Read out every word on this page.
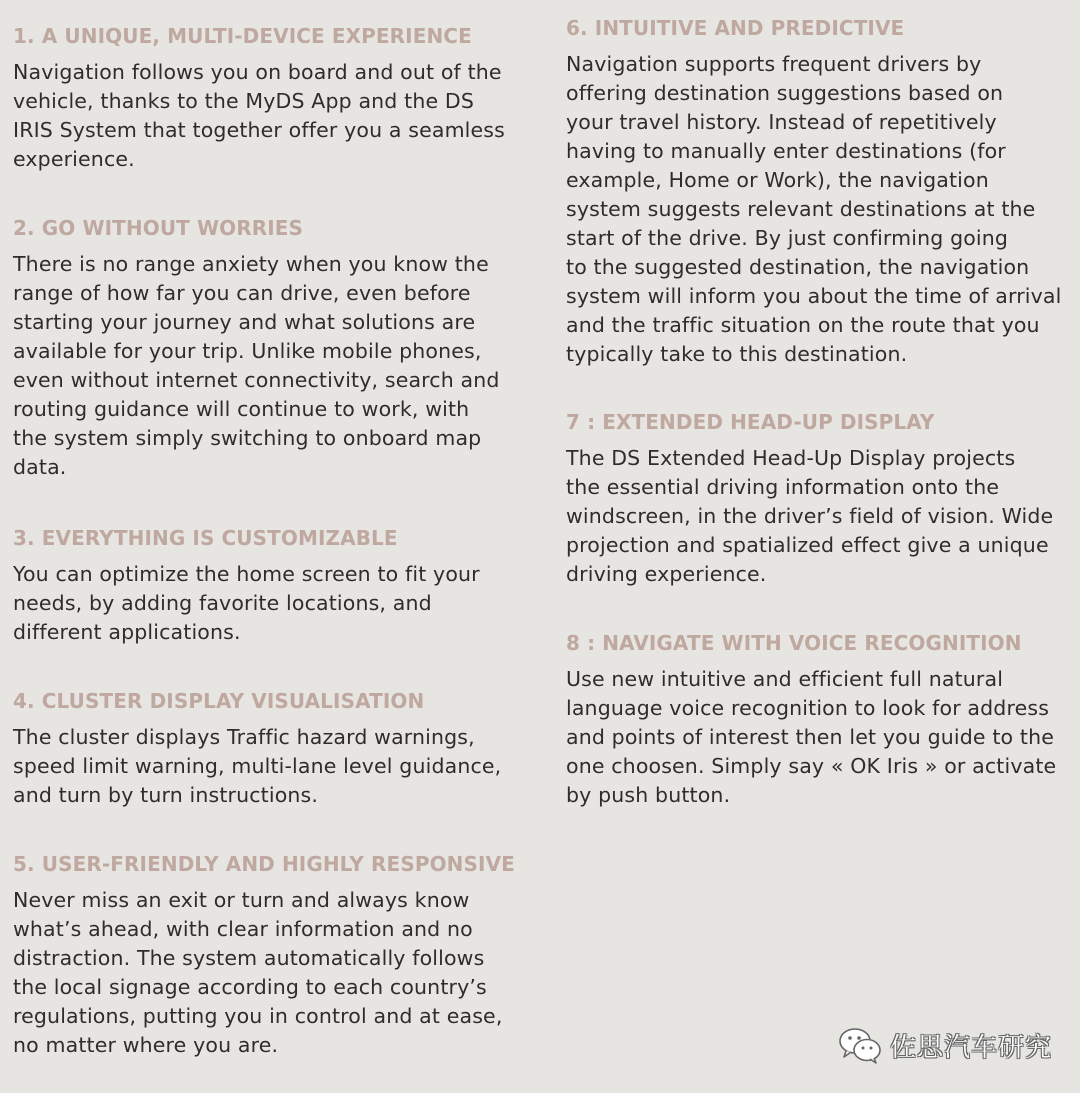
1. A UNIQUE, MULTI-DEVICE EXPERIENCE

Navigation follows you on board and out of the
vehicle, thanks to the MyDS App and the DS
IRIS System that together offer you a seamless
experience.

2. GO WITHOUT WORRIES

There is no range anxiety when you know the
range of how far you can drive, even before
starting your journey and what solutions are
available for your trip. Unlike mobile phones,
even without internet connectivity, search and
routing guidance will continue to work, with
the system simply switching to onboard map
data.

3. EVERYTHING IS CUSTOMIZABLE

You can optimize the home screen to fit your
needs, by adding favorite locations, and
different applications.

4. CLUSTER DISPLAY VISUALISATION

The cluster displays Traffic hazard warnings,
speed limit warning, multi-lane level guidance,
and turn by turn instructions.

5. USER-FRIENDLY AND HIGHLY RESPONSIVE

Never miss an exit or turn and always know
what’s ahead, with clear information and no
distraction. The system automatically follows
the local signage according to each country’s
regulations, putting you in control and at ease,
no matter where you are.

6. INTUITIVE AND PREDICTIVE

Navigation supports frequent drivers by
offering destination suggestions based on
your travel history. Instead of repetitively
having to manually enter destinations (for
example, Home or Work), the navigation
system suggests relevant destinations at the
start of the drive. By just confirming going
to the suggested destination, the navigation
system will inform you about the time of arrival
and the traffic situation on the route that you
typically take to this destination.

7 : EXTENDED HEAD-UP DISPLAY

The DS Extended Head-Up Display projects
the essential driving information onto the
windscreen, in the driver’s field of vision. Wide
projection and spatialized effect give a unique
driving experience.

8 : NAVIGATE WITH VOICE RECOGNITION

Use new intuitive and efficient full natural
language voice recognition to look for address
and points of interest then let you guide to the
one choosen. Simply say « OK Iris » or activate
by push button.

佐思汽车研究
